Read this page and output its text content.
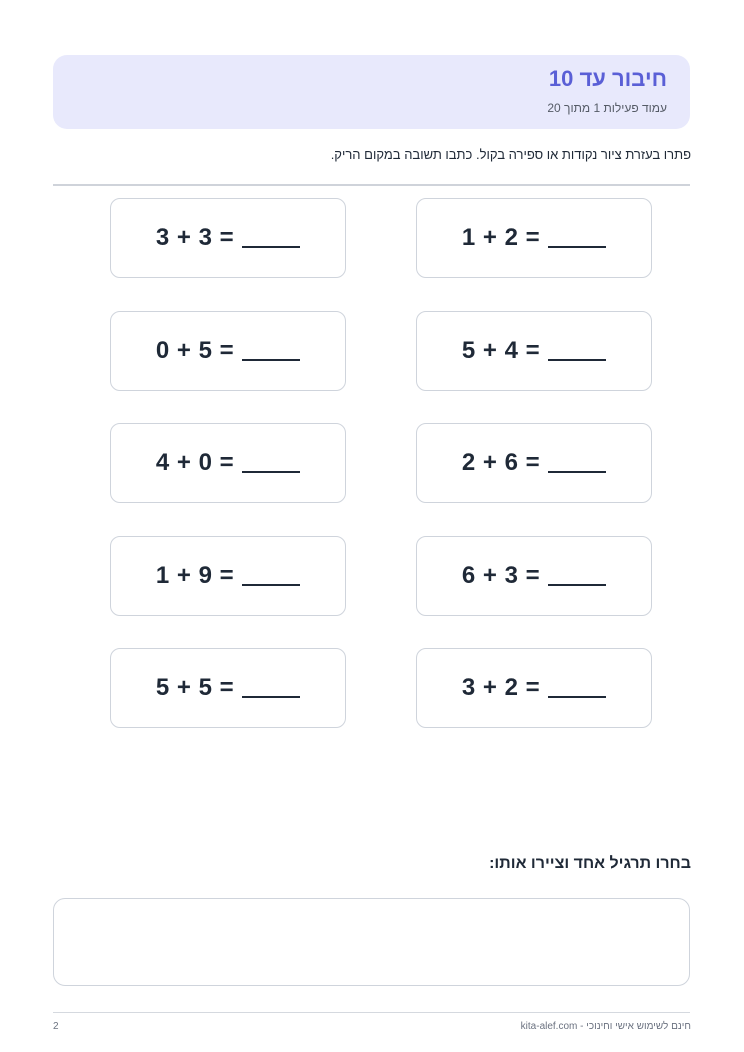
חיבור עד 10
עמוד פעילות 1 מתוך 20
פתרו בעזרת ציור נקודות או ספירה בקול. כתבו תשובה במקום הריק.
1 + 2 =
3 + 3 =
5 + 4 =
0 + 5 =
2 + 6 =
4 + 0 =
6 + 3 =
1 + 9 =
3 + 2 =
5 + 5 =
בחרו תרגיל אחד וציירו אותו:
חינם לשימוש אישי וחינוכי - kita-alef.com
2
